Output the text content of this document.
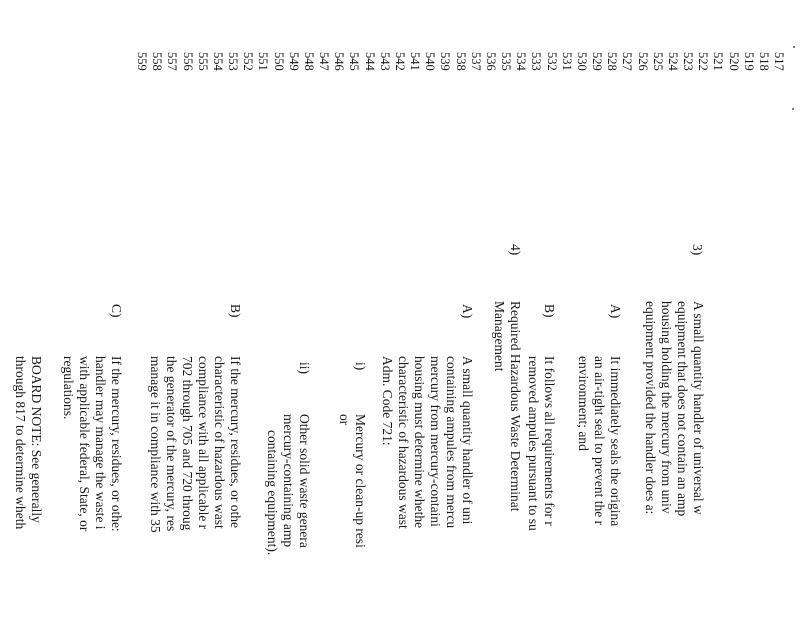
517
518
519
520
521
522
523
524
525
526
527
528
529
530
531
532
533
534
535
536
537
538
539
540
541
542
543
544
545
546
547
548
549
550
551
552
553
554
555
556
557
558
559
3)
A small quantity handler of universal w
equipment that does not contain an amp
housing holding the mercury from univ
equipment provided the handler does a:
A)
It immediately seals the origina
an air-tight seal to prevent the r
environment; and
B)
It follows all requirements for r
removed ampules pursuant to su
4)
Required Hazardous Waste Determinat
Management
A)
A small quantity handler of uni
containing ampules from mercu
mercury from mercury-containi
housing must determine whethe
characteristic of hazardous wast
Adm. Code 721:
i)
Mercury or clean-up resi
or
ii)
Other solid waste genera
mercury-containing amp
containing equipment).
B)
If the mercury, residues, or othe
characteristic of hazardous wast
compliance with all applicable r
702 through 705 and 720 throug
the generator of the mercury, res
manage it in compliance with 35
C)
If the mercury, residues, or othe:
handler may manage the waste i
with applicable federal, State, or
regulations.
BOARD NOTE: See generally
through 817 to determine wheth
